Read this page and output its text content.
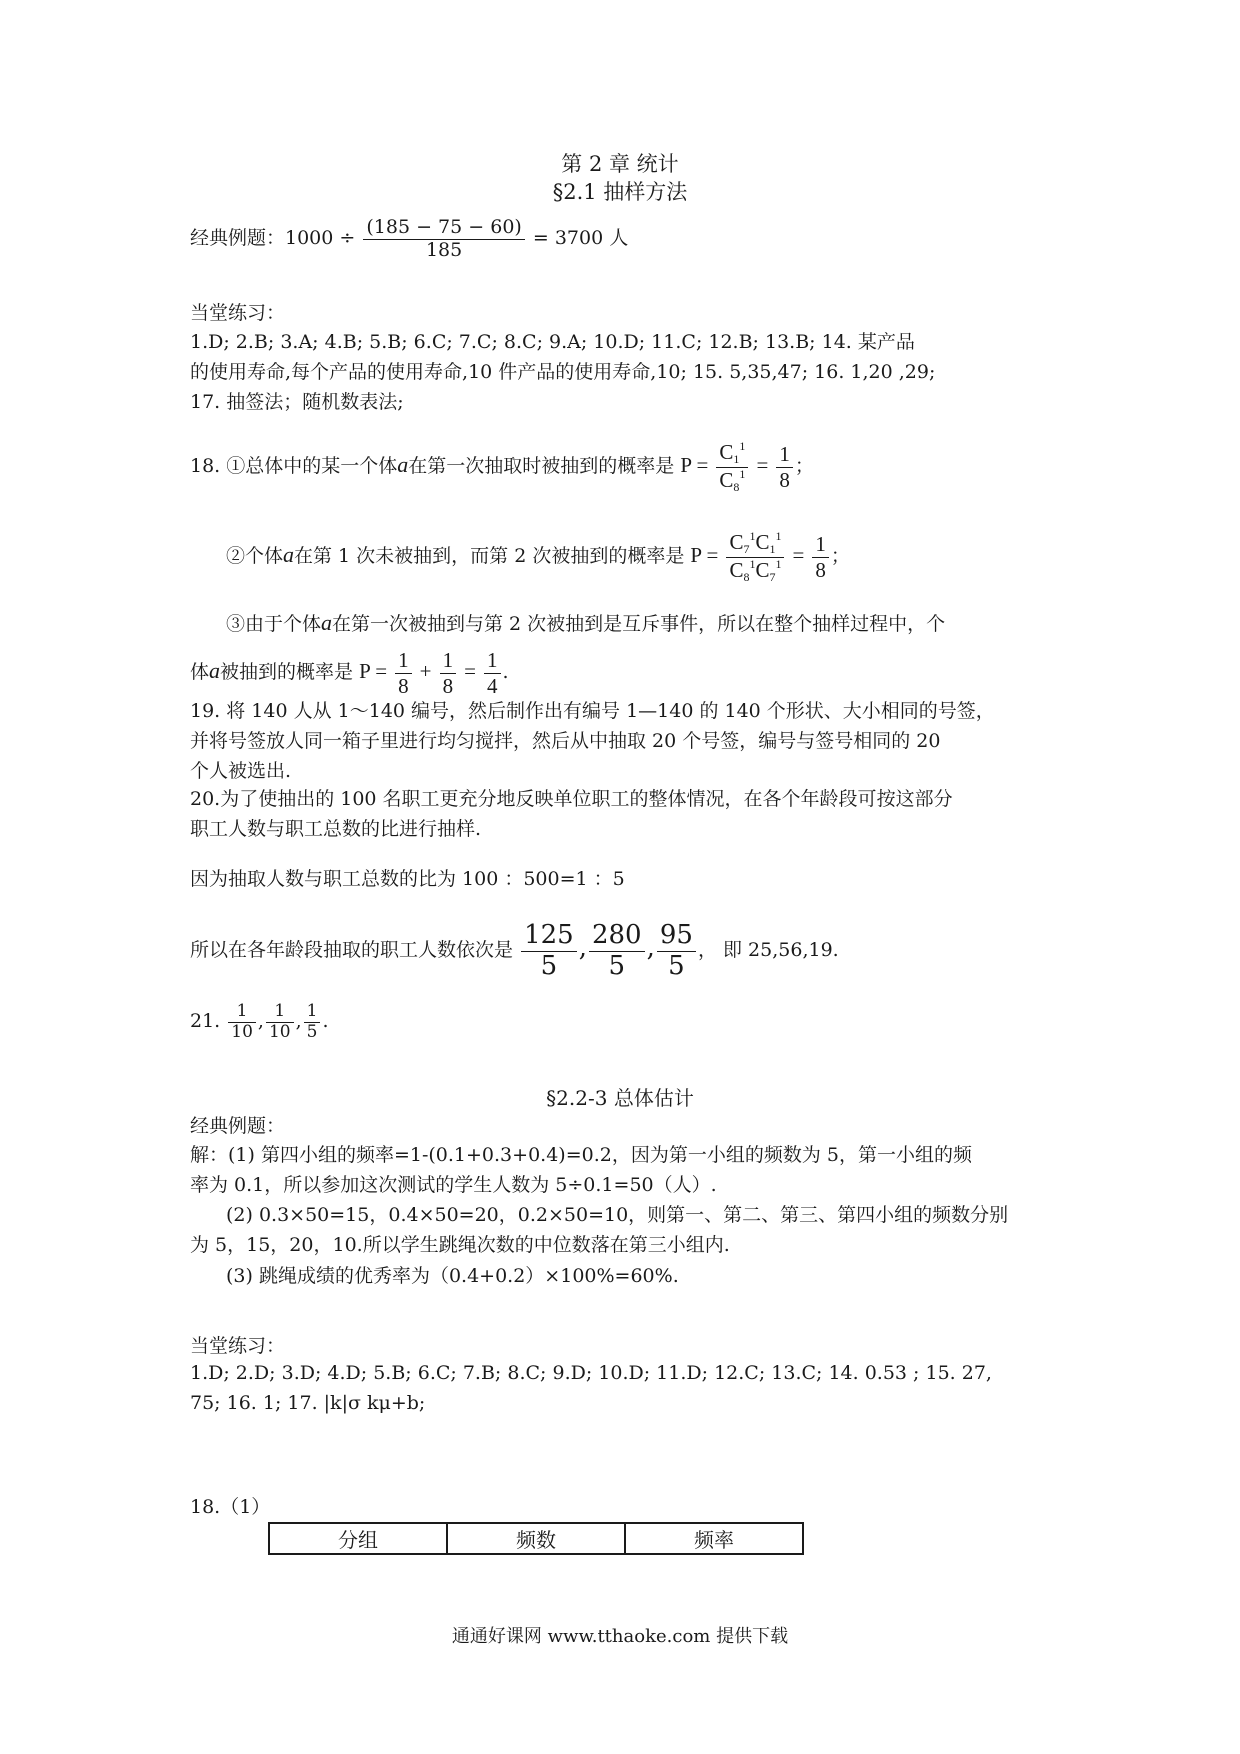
第 2 章 统计
§2.1 抽样方法
经典例题：$1000 \div \frac{(185 - 75 - 60)}{185} = 3700$ 人
当堂练习：
1.D; 2.B; 3.A; 4.B; 5.B; 6.C; 7.C; 8.C; 9.A; 10.D; 11.C; 12.B; 13.B; 14. 某产品
的使用寿命,每个产品的使用寿命,10 件产品的使用寿命,10; 15. 5,35,47; 16. 1,20 ,29;
17. 抽签法；随机数表法;
18. ①总体中的某一个体a在第一次抽取时被抽到的概率是 $P = \frac{C_1^1}{C_8^1} = \frac{1}{8}$ ；
②个体a在第 1 次未被抽到，而第 2 次被抽到的概率是 $P = \frac{C_7^1C_1^1}{C_8^1C_7^1} = \frac{1}{8}$ ；
③由于个体a在第一次被抽到与第 2 次被抽到是互斥事件，所以在整个抽样过程中，个
体a被抽到的概率是 $P = \frac{1}{8} + \frac{1}{8} = \frac{1}{4}$ .
19. 将 140 人从 1～140 编号，然后制作出有编号 1—140 的 140 个形状、大小相同的号签，
并将号签放人同一箱子里进行均匀搅拌，然后从中抽取 20 个号签，编号与签号相同的 20
个人被选出.
20.为了使抽出的 100 名职工更充分地反映单位职工的整体情况，在各个年龄段可按这部分
职工人数与职工总数的比进行抽样.
因为抽取人数与职工总数的比为 100 ：500=1 ：5
所以在各年龄段抽取的职工人数依次是 $\frac{125}{5}$ , $\frac{280}{5}$ , $\frac{95}{5}$ ， 即 25,56,19.
21. $\frac{1}{10}$ , $\frac{1}{10}$ , $\frac{1}{5}$ .
§2.2-3 总体估计
经典例题：
解：(1) 第四小组的频率=1-(0.1+0.3+0.4)=0.2，因为第一小组的频数为 5，第一小组的频
率为 0.1，所以参加这次测试的学生人数为 5÷0.1=50（人）.
(2) 0.3×50=15，0.4×50=20，0.2×50=10，则第一、第二、第三、第四小组的频数分别
为 5，15，20，10.所以学生跳绳次数的中位数落在第三小组内.
(3) 跳绳成绩的优秀率为（0.4+0.2）×100%=60%.
当堂练习：
1.D; 2.D; 3.D; 4.D; 5.B; 6.C; 7.B; 8.C; 9.D; 10.D; 11.D; 12.C; 13.C; 14. 0.53 ; 15. 27,
75; 16. 1; 17. |k|σ kμ+b;
18.（1）
分组	频数	频率
通通好课网 www.tthaoke.com 提供下载
